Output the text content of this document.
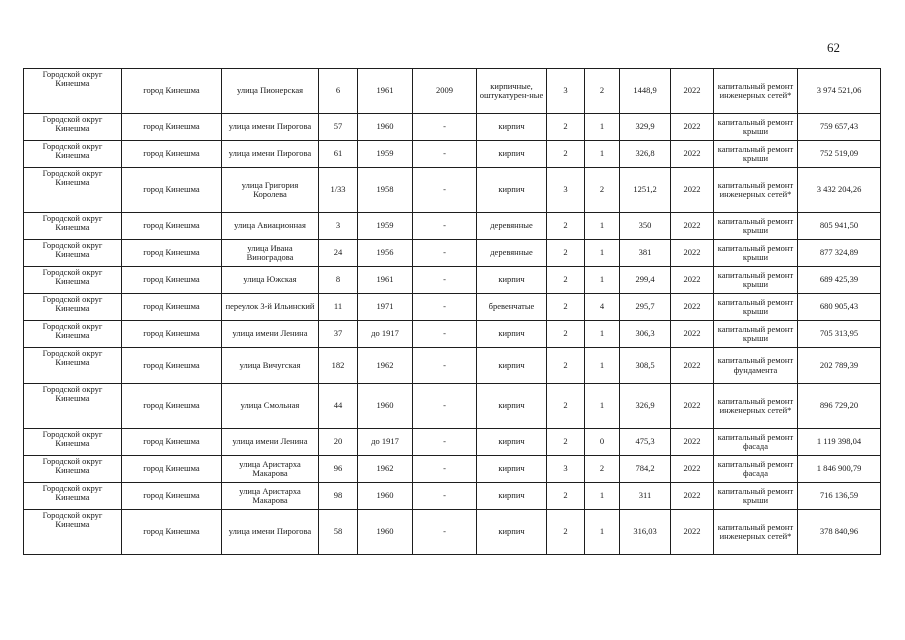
62
Городской округ Кинешма	город Кинешма	улица Пионерская	6	1961	2009	кирпичные, оштукатурен-ные	3	2	1448,9	2022	капитальный ремонт инженерных сетей*	3 974 521,06
Городской округ Кинешма	город Кинешма	улица имени Пирогова	57	1960	-	кирпич	2	1	329,9	2022	капитальный ремонт крыши	759 657,43
Городской округ Кинешма	город Кинешма	улица имени Пирогова	61	1959	-	кирпич	2	1	326,8	2022	капитальный ремонт крыши	752 519,09
Городской округ Кинешма	город Кинешма	улица Григория Королева	1/33	1958	-	кирпич	3	2	1251,2	2022	капитальный ремонт инженерных сетей*	3 432 204,26
Городской округ Кинешма	город Кинешма	улица Авиационная	3	1959	-	деревянные	2	1	350	2022	капитальный ремонт крыши	805 941,50
Городской округ Кинешма	город Кинешма	улица Ивана Виноградова	24	1956	-	деревянные	2	1	381	2022	капитальный ремонт крыши	877 324,89
Городской округ Кинешма	город Кинешма	улица Южская	8	1961	-	кирпич	2	1	299,4	2022	капитальный ремонт крыши	689 425,39
Городской округ Кинешма	город Кинешма	переулок 3-й Ильинский	11	1971	-	бревенчатые	2	4	295,7	2022	капитальный ремонт крыши	680 905,43
Городской округ Кинешма	город Кинешма	улица имени Ленина	37	до 1917	-	кирпич	2	1	306,3	2022	капитальный ремонт крыши	705 313,95
Городской округ Кинешма	город Кинешма	улица Вичугская	182	1962	-	кирпич	2	1	308,5	2022	капитальный ремонт фундамента	202 789,39
Городской округ Кинешма	город Кинешма	улица Смольная	44	1960	-	кирпич	2	1	326,9	2022	капитальный ремонт инженерных сетей*	896 729,20
Городской округ Кинешма	город Кинешма	улица имени Ленина	20	до 1917	-	кирпич	2	0	475,3	2022	капитальный ремонт фасада	1 119 398,04
Городской округ Кинешма	город Кинешма	улица Аристарха Макарова	96	1962	-	кирпич	3	2	784,2	2022	капитальный ремонт фасада	1 846 900,79
Городской округ Кинешма	город Кинешма	улица Аристарха Макарова	98	1960	-	кирпич	2	1	311	2022	капитальный ремонт крыши	716 136,59
Городской округ Кинешма	город Кинешма	улица имени Пирогова	58	1960	-	кирпич	2	1	316,03	2022	капитальный ремонт инженерных сетей*	378 840,96
